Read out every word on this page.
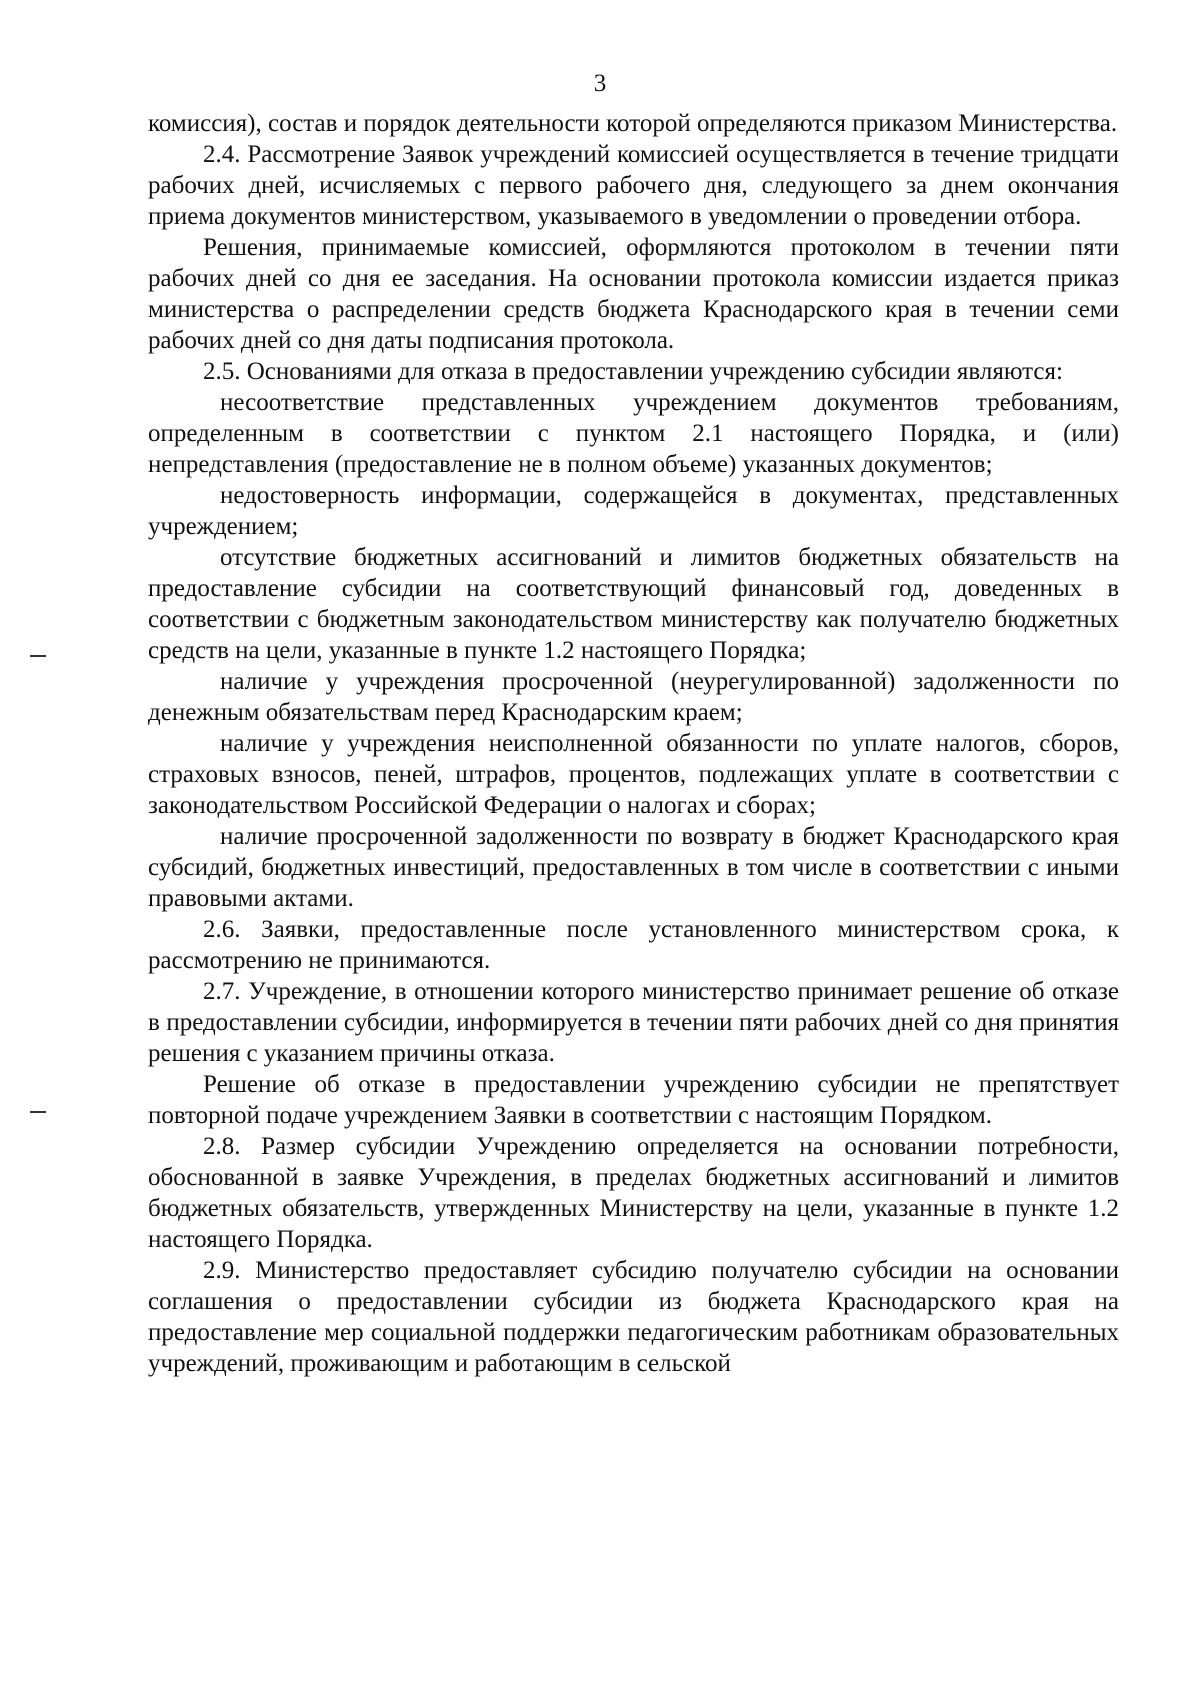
3

комиссия), состав и порядок деятельности которой определяются приказом Министерства.

2.4. Рассмотрение Заявок учреждений комиссией осуществляется в течение тридцати рабочих дней, исчисляемых с первого рабочего дня, следующего за днем окончания приема документов министерством, указываемого в уведомлении о проведении отбора.

Решения, принимаемые комиссией, оформляются протоколом в течении пяти рабочих дней со дня ее заседания. На основании протокола комиссии издается приказ министерства о распределении средств бюджета Краснодарского края в течении семи рабочих дней со дня даты подписания протокола.

2.5. Основаниями для отказа в предоставлении учреждению субсидии являются:

несоответствие представленных учреждением документов требованиям, определенным в соответствии с пунктом 2.1 настоящего Порядка, и (или) непредставления (предоставление не в полном объеме) указанных документов;

недостоверность информации, содержащейся в документах, представленных учреждением;

отсутствие бюджетных ассигнований и лимитов бюджетных обязательств на предоставление субсидии на соответствующий финансовый год, доведенных в соответствии с бюджетным законодательством министерству как получателю бюджетных средств на цели, указанные в пункте 1.2 настоящего Порядка;

наличие у учреждения просроченной (неурегулированной) задолженности по денежным обязательствам перед Краснодарским краем;

наличие у учреждения неисполненной обязанности по уплате налогов, сборов, страховых взносов, пеней, штрафов, процентов, подлежащих уплате в соответствии с законодательством Российской Федерации о налогах и сборах;

наличие просроченной задолженности по возврату в бюджет Краснодарского края субсидий, бюджетных инвестиций, предоставленных в том числе в соответствии с иными правовыми актами.

2.6. Заявки, предоставленные после установленного министерством срока, к рассмотрению не принимаются.

2.7. Учреждение, в отношении которого министерство принимает решение об отказе в предоставлении субсидии, информируется в течении пяти рабочих дней со дня принятия решения с указанием причины отказа.

Решение об отказе в предоставлении учреждению субсидии не препятствует повторной подаче учреждением Заявки в соответствии с настоящим Порядком.

2.8. Размер субсидии Учреждению определяется на основании потребности, обоснованной в заявке Учреждения, в пределах бюджетных ассигнований и лимитов бюджетных обязательств, утвержденных Министерству на цели, указанные в пункте 1.2 настоящего Порядка.

2.9. Министерство предоставляет субсидию получателю субсидии на основании соглашения о предоставлении субсидии из бюджета Краснодарского края на предоставление мер социальной поддержки педагогическим работникам образовательных учреждений, проживающим и работающим в сельской
